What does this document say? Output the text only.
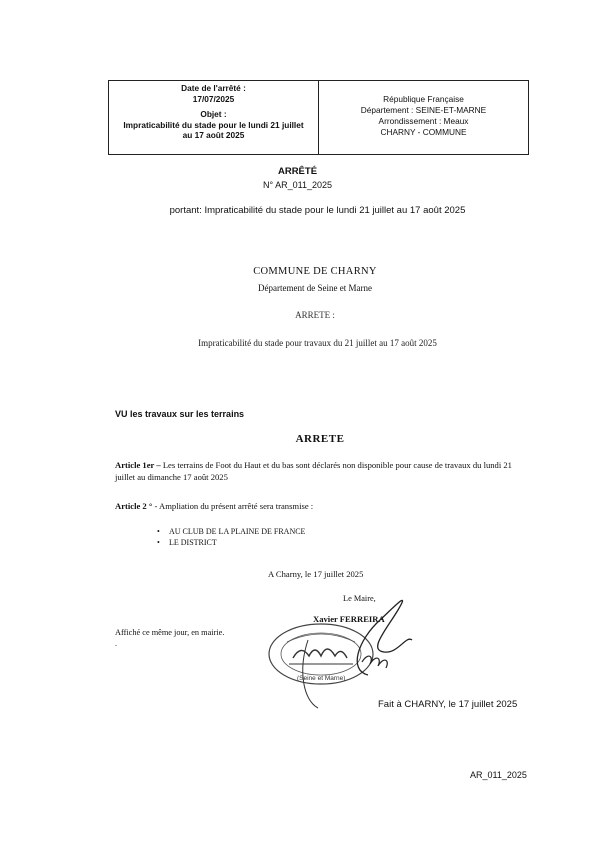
Date de l'arrêté :
17/07/2025
Objet :
Impraticabilité du stade pour le lundi 21 juillet au 17 août 2025
République Française
Département : SEINE-ET-MARNE
Arrondissement : Meaux
CHARNY - COMMUNE
ARRÊTÉ
N° AR_011_2025
portant: Impraticabilité du stade pour le lundi 21 juillet au 17 août 2025
COMMUNE DE CHARNY
Département de Seine et Marne
ARRETE :
Impraticabilité du stade pour travaux du 21 juillet au 17 août 2025
VU les travaux sur les terrains
ARRETE
Article 1er – Les terrains de Foot du Haut et du bas sont déclarés non disponible pour cause de travaux du lundi 21 juillet au dimanche 17 août 2025
Article 2 ° - Ampliation du présent arrêté sera transmise :
• AU CLUB DE LA PLAINE DE FRANCE
• LE DISTRICT
A Charny, le 17 juillet 2025
Le Maire,
Xavier FERREIRA
Affiché ce même jour, en mairie.
.
(Seine et Marne)
Fait à CHARNY, le 17 juillet 2025
AR_011_2025
